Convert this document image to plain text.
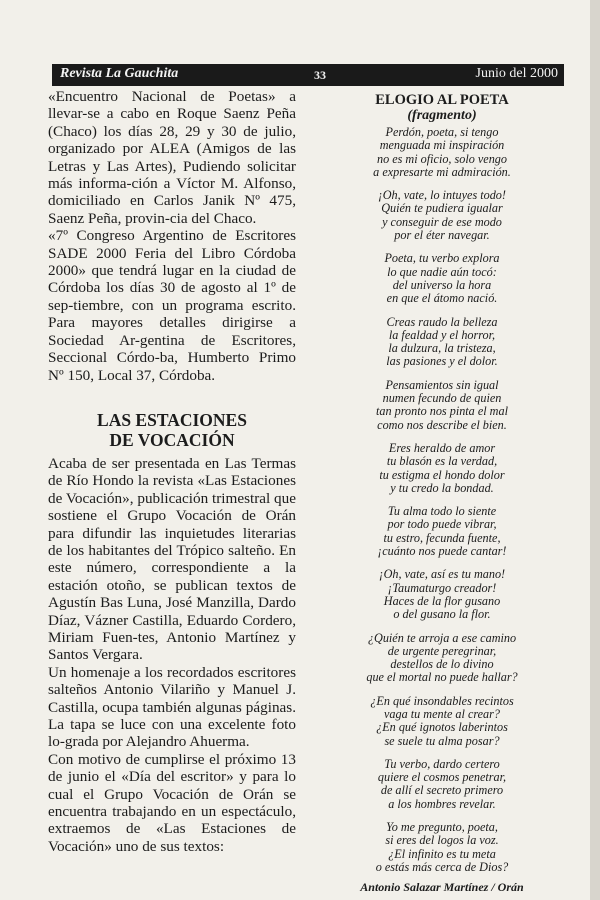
Revista La Gauchita	33	Junio del 2000

«Encuentro Nacional de Poetas» a llevar-se a cabo en Roque Saenz Peña (Chaco) los días 28, 29 y 30 de julio, organizado por ALEA (Amigos de las Letras y Las Artes), Pudiendo solicitar más informa-ción a Víctor M. Alfonso, domiciliado en Carlos Janik Nº 475, Saenz Peña, provin-cia del Chaco.

«7º Congreso Argentino de Escritores SADE 2000 Feria del Libro Córdoba 2000» que tendrá lugar en la ciudad de Córdoba los días 30 de agosto al 1º de sep-tiembre, con un programa escrito. Para mayores detalles dirigirse a Sociedad Ar-gentina de Escritores, Seccional Córdo-ba, Humberto Primo Nº 150, Local 37, Córdoba.

LAS ESTACIONES
DE VOCACIÓN

Acaba de ser presentada en Las Termas de Río Hondo la revista «Las Estaciones de Vocación», publicación trimestral que sostiene el Grupo Vocación de Orán para difundir las inquietudes literarias de los habitantes del Trópico salteño. En este número, correspondiente a la estación otoño, se publican textos de Agustín Bas Luna, José Manzilla, Dardo Díaz, Vázner Castilla, Eduardo Cordero, Miriam Fuen-tes, Antonio Martínez y Santos Vergara.

Un homenaje a los recordados escritores salteños Antonio Vilariño y Manuel J. Castilla, ocupa también algunas páginas. La tapa se luce con una excelente foto lo-grada por Alejandro Ahuerma.

Con motivo de cumplirse el próximo 13 de junio el «Día del escritor» y para lo cual el Grupo Vocación de Orán se encuentra trabajando en un espectáculo, extraemos de «Las Estaciones de Vocación» uno de sus textos:

ELOGIO AL POETA
(fragmento)
Perdón, poeta, si tengo
menguada mi inspiración
no es mi oficio, solo vengo
a expresarte mi admiración.
¡Oh, vate, lo intuyes todo!
Quién te pudiera igualar
y conseguir de ese modo
por el éter navegar.
Poeta, tu verbo explora
lo que nadie aún tocó:
del universo la hora
en que el átomo nació.
Creas raudo la belleza
la fealdad y el horror,
la dulzura, la tristeza,
las pasiones y el dolor.
Pensamientos sin igual
numen fecundo de quien
tan pronto nos pinta el mal
como nos describe el bien.
Eres heraldo de amor
tu blasón es la verdad,
tu estigma el hondo dolor
y tu credo la bondad.
Tu alma todo lo siente
por todo puede vibrar,
tu estro, fecunda fuente,
¡cuánto nos puede cantar!
¡Oh, vate, así es tu mano!
¡Taumaturgo creador!
Haces de la flor gusano
o del gusano la flor.
¿Quién te arroja a ese camino
de urgente peregrinar,
destellos de lo divino
que el mortal no puede hallar?
¿En qué insondables recintos
vaga tu mente al crear?
¿En qué ignotos laberintos
se suele tu alma posar?
Tu verbo, dardo certero
quiere el cosmos penetrar,
de allí el secreto primero
a los hombres revelar.
Yo me pregunto, poeta,
si eres del logos la voz.
¿El infinito es tu meta
o estás más cerca de Dios?
Antonio Salazar Martínez / Orán
